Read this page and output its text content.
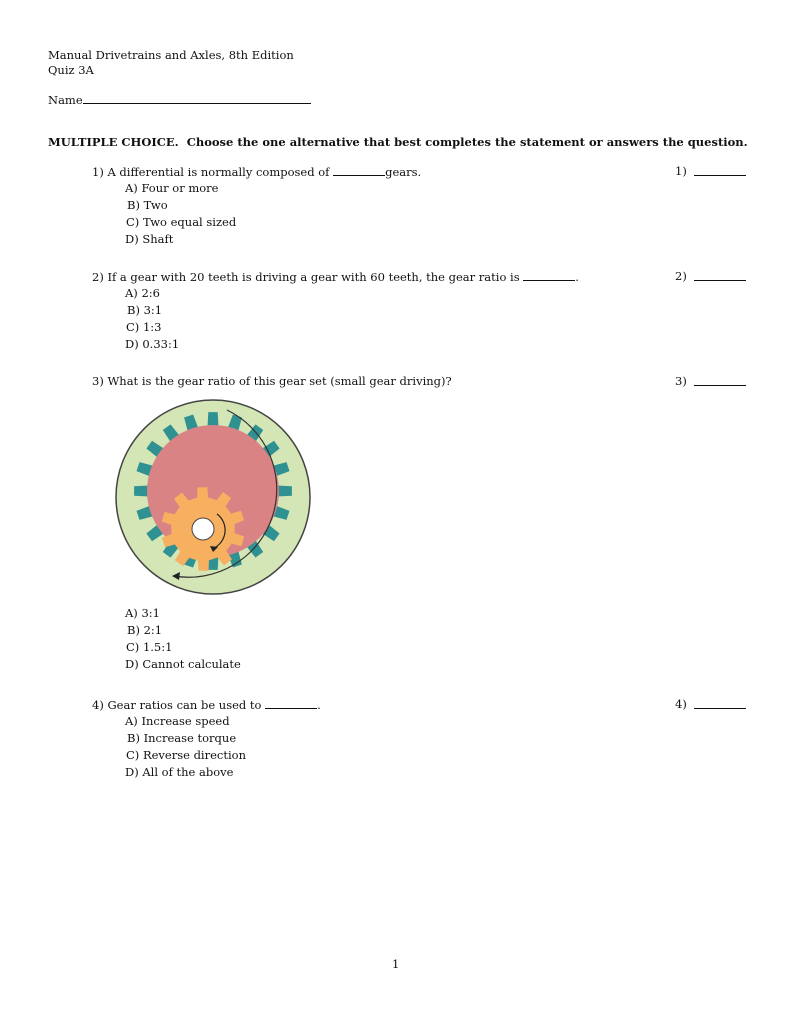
Manual Drivetrains and Axles, 8th Edition
Quiz 3A
Name
MULTIPLE CHOICE. Choose the one alternative that best completes the statement or answers the question.
1) A differential is normally composed of	gears.	1)
A) Four or more
B) Two
C) Two equal sized
D) Shaft
2) If a gear with 20 teeth is driving a gear with 60 teeth, the gear ratio is	.	2)
A) 2:6
B) 3:1
C) 1:3
D) 0.33:1
3) What is the gear ratio of this gear set (small gear driving)?	3)
A) 3:1
B) 2:1
C) 1.5:1
D) Cannot calculate
4) Gear ratios can be used to	.	4)
A) Increase speed
B) Increase torque
C) Reverse direction
D) All of the above
1
